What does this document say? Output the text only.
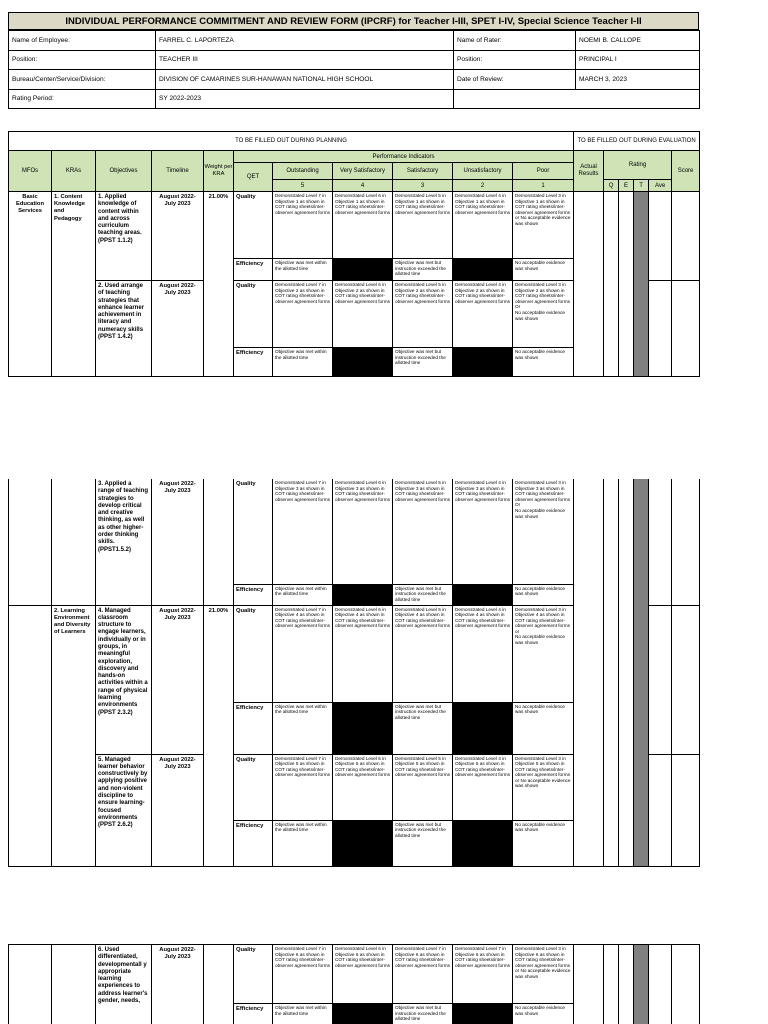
INDIVIDUAL PERFORMANCE COMMITMENT AND REVIEW FORM (IPCRF) for Teacher I-III, SPET I-IV, Special Science Teacher I-II
Name of Employee:	FARREL C. LAPORTEZA	Name of Rater:	NOEMI B. CALLOPE
Position:	TEACHER III	Position:	PRINCIPAL I
Bureau/Center/Service/Division:	DIVISION OF CAMARINES SUR-HANAWAN NATIONAL HIGH SCHOOL	Date of Review:	MARCH 3, 2023
Rating Period:	SY 2022-2023		
TO BE FILLED OUT DURING PLANNING											TO BE FILLED OUT DURING EVALUATION					
MFOs	KRAs	Objectives	Timeline	Weight per KRA	Performance Indicators						Actual Results	Rating				Score
					QET	Outstanding	Very Satisfactory	Satisfactory	Unsatisfactory	Poor						
						5	4	3	2	1		Q	E	T	Ave	
Basic Education Services	1. Content Knowledge and Pedagogy	1. Applied knowledge of content within and across curriculum teaching areas. (PPST 1.1.2)	August 2022- July 2023	21.00%	Quality	Demonstrated Level 7 in Objective 1 as shown in COT rating sheets/inter-observer agreement forms	Demonstrated Level 6 in Objective 1 as shown in COT rating sheets/inter-observer agreement forms	Demonstrated Level 5 in Objective 1 as shown in COT rating sheets/inter-observer agreement forms	Demonstrated Level 4 in Objective 1 as shown in COT rating sheets/inter-observer agreement forms	Demonstrated Level 3 in Objective 1 as shown in COT rating sheets/inter-observer agreement forms or No acceptable evidence was shown						
					Efficiency	Objective was met within the allotted time		Objective was met but instruction exceeded the allotted time		No acceptable evidence was shown						
		2. Used arrange of teaching strategies that enhance learner achievement in literacy and numeracy skills (PPST 1.4.2)	August 2022- July 2023		Quality	Demonstrated Level 7 in Objective 2 as shown in COT rating sheets/inter-observer agreement forms	Demonstrated Level 6 in Objective 2 as shown in COT rating sheets/inter-observer agreement forms	Demonstrated Level 5 in Objective 2 as shown in COT rating sheets/inter-observer agreement forms	Demonstrated Level 4 in Objective 2 as shown in COT rating sheets/inter-observer agreement forms	Demonstrated Level 3 in Objective 2 as shown in COT rating sheets/inter-observer agreement forms
Or
No acceptable evidence was shown						
					Efficiency	Objective was met within the allotted time		Objective was met but instruction exceeded the allotted time		No acceptable evidence was shown						
		3. Applied a range of teaching strategies to develop critical and creative thinking, as well as other higher-order thinking skills. (PPST1.5.2)	August 2022- July 2023		Quality	Demonstrated Level 7 in Objective 3 as shown in COT rating sheets/inter-observer agreement forms	Demonstrated Level 6 in Objective 3 as shown in COT rating sheets/inter-observer agreement forms	Demonstrated Level 5 in Objective 3 as shown in COT rating sheets/inter-observer agreement forms	Demonstrated Level 4 in Objective 3 as shown in COT rating sheets/inter-observer agreement forms	Demonstrated Level 3 in Objective 3 as shown in COT rating sheets/inter-observer agreement forms
Or
No acceptable evidence was shown						
					Efficiency	Objective was met within the allotted time		Objective was met but instruction exceeded the allotted time		No acceptable evidence was shown						
	2. Learning Environment and Diversity of Learners	4. Managed classroom structure to engage learners, individually or in groups, in meaningful exploration, discovery and hands-on activities within a range of physical learning environments (PPST 2.3.2)	August 2022- July 2023	21.00%	Quality	Demonstrated Level 7 in Objective 4 as shown in COT rating sheets/inter-observer agreement forms	Demonstrated Level 6 in Objective 4 as shown in COT rating sheets/inter-observer agreement forms	Demonstrated Level 5 in Objective 4 as shown in COT rating sheets/inter-observer agreement forms	Demonstrated Level 4 in Objective 4 as shown in COT rating sheets/inter-observer agreement forms	Demonstrated Level 3 in Objective 4 as shown in COT rating sheets/inter-observer agreement forms
or
No acceptable evidence was shown						
					Efficiency	Objective was met within the allotted time		Objective was met but instruction exceeded the allotted time		No acceptable evidence was shown						
		5. Managed learner behavior constructively by applying positive and non-violent discipline to ensure learning-focused environments (PPST 2.6.2)	August 2022- July 2023		Quality	Demonstrated Level 7 in Objective 5 as shown in COT rating sheets/inter-observer agreement forms	Demonstrated Level 6 in Objective 5 as shown in COT rating sheets/inter-observer agreement forms	Demonstrated Level 5 in Objective 5 as shown in COT rating sheets/inter-observer agreement forms	Demonstrated Level 4 in Objective 5 as shown in COT rating sheets/inter-observer agreement forms	Demonstrated Level 3 in Objective 5 as shown in COT rating sheets/inter-observer agreement forms
or No acceptable evidence was shown						
					Efficiency	Objective was met within the allotted time		Objective was met but instruction exceeded the allotted time		No acceptable evidence was shown						
		6. Used differentiated, developmentall y appropriate learning experiences to address learner's gender, needs,	August 2022- July 2023		Quality	Demonstrated Level 7 in Objective 6 as shown in COT rating sheets/inter-observer agreement forms	Demonstrated Level 6 in Objective 6 as shown in COT rating sheets/inter-observer agreement forms	Demonstrated Level 7 in Objective 6 as shown in COT rating sheets/inter-observer agreement forms	Demonstrated Level 7 in Objective 6 as shown in COT rating sheets/inter-observer agreement forms	Demonstrated Level 3 in Objective 6 as shown in COT rating sheets/inter-observer agreement forms
or No acceptable evidence was shown						
					Efficiency	Objective was met within the allotted time		Objective was met but instruction exceeded the allotted time		No acceptable evidence was shown						
